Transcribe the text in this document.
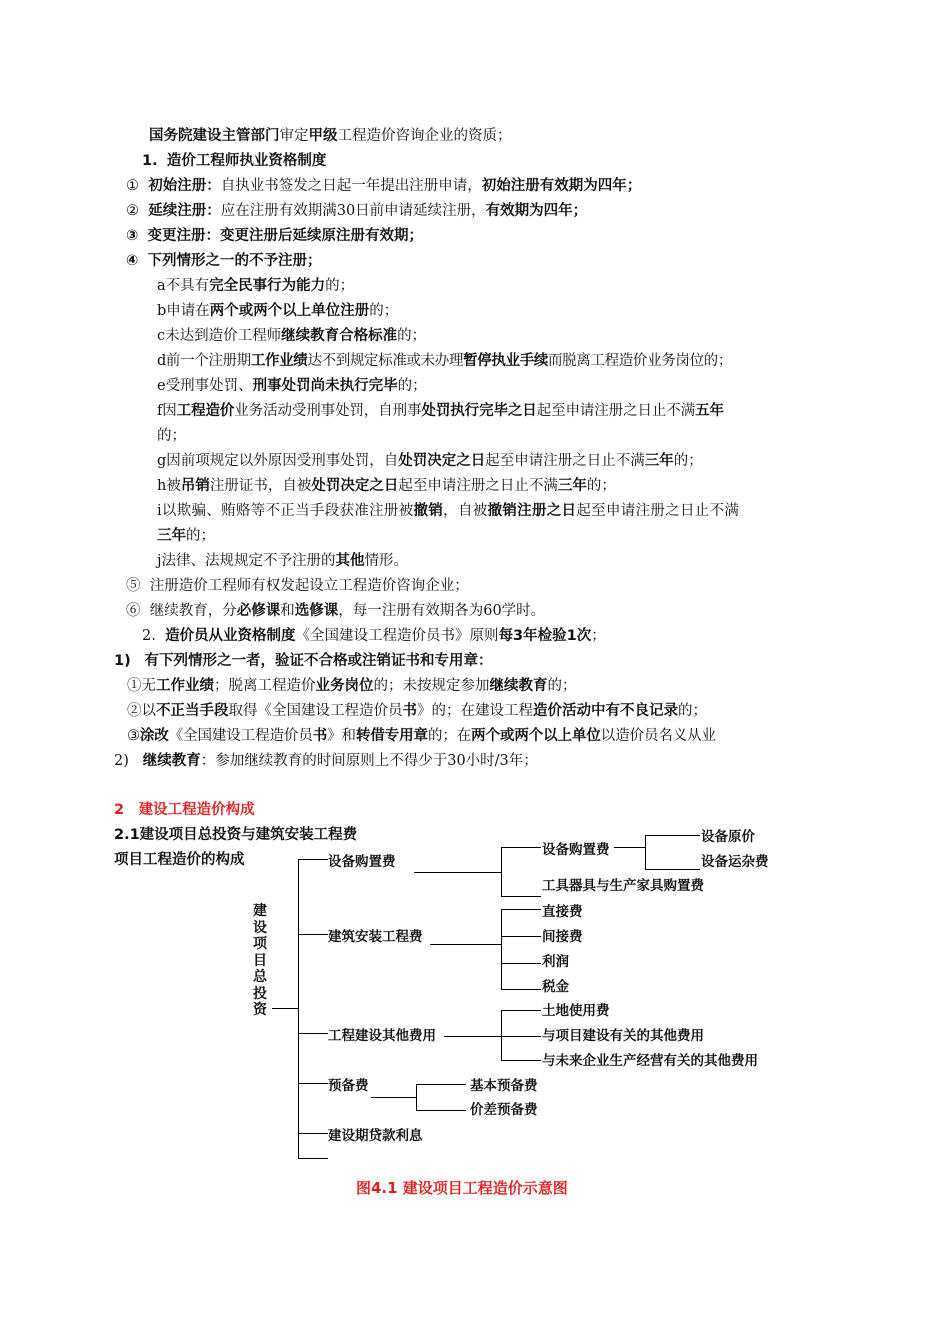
国务院建设主管部门审定甲级工程造价咨询企业的资质；
1. 造价工程师执业资格制度
① 初始注册：自执业书签发之日起一年提出注册申请，初始注册有效期为四年；
② 延续注册：应在注册有效期满30日前申请延续注册，有效期为四年；
③ 变更注册：变更注册后延续原注册有效期；
④ 下列情形之一的不予注册；
a不具有完全民事行为能力的；
b申请在两个或两个以上单位注册的；
c未达到造价工程师继续教育合格标准的；
d前一个注册期工作业绩达不到规定标准或未办理暂停执业手续而脱离工程造价业务岗位的；
e受刑事处罚、刑事处罚尚未执行完毕的；
f因工程造价业务活动受刑事处罚，自刑事处罚执行完毕之日起至申请注册之日止不满五年
的；
g因前项规定以外原因受刑事处罚，自处罚决定之日起至申请注册之日止不满三年的；
h被吊销注册证书，自被处罚决定之日起至申请注册之日止不满三年的；
i以欺骗、贿赂等不正当手段获准注册被撤销，自被撤销注册之日起至申请注册之日止不满
三年的；
j法律、法规规定不予注册的其他情形。
⑤ 注册造价工程师有权发起设立工程造价咨询企业；
⑥ 继续教育，分必修课和选修课，每一注册有效期各为60学时。
2. 造价员从业资格制度《全国建设工程造价员书》原则每3年检验1次；
1) 有下列情形之一者，验证不合格或注销证书和专用章：
①无工作业绩；脱离工程造价业务岗位的；未按规定参加继续教育的；
②以不正当手段取得《全国建设工程造价员书》的；在建设工程造价活动中有不良记录的；
③涂改《全国建设工程造价员书》和转借专用章的；在两个或两个以上单位以造价员名义从业
2) 继续教育：参加继续教育的时间原则上不得少于30小时/3年；
2　建设工程造价构成
2.1建设项目总投资与建筑安装工程费
项目工程造价的构成
建
设
项
目
总
投
资
设备购置费
设备购置费
设备原价
设备运杂费
工具器具与生产家具购置费
建筑安装工程费
直接费
间接费
利润
税金
工程建设其他费用
土地使用费
与项目建设有关的其他费用
与未来企业生产经营有关的其他费用
预备费	基本预备费
价差预备费
建设期贷款利息
图4.1 建设项目工程造价示意图
